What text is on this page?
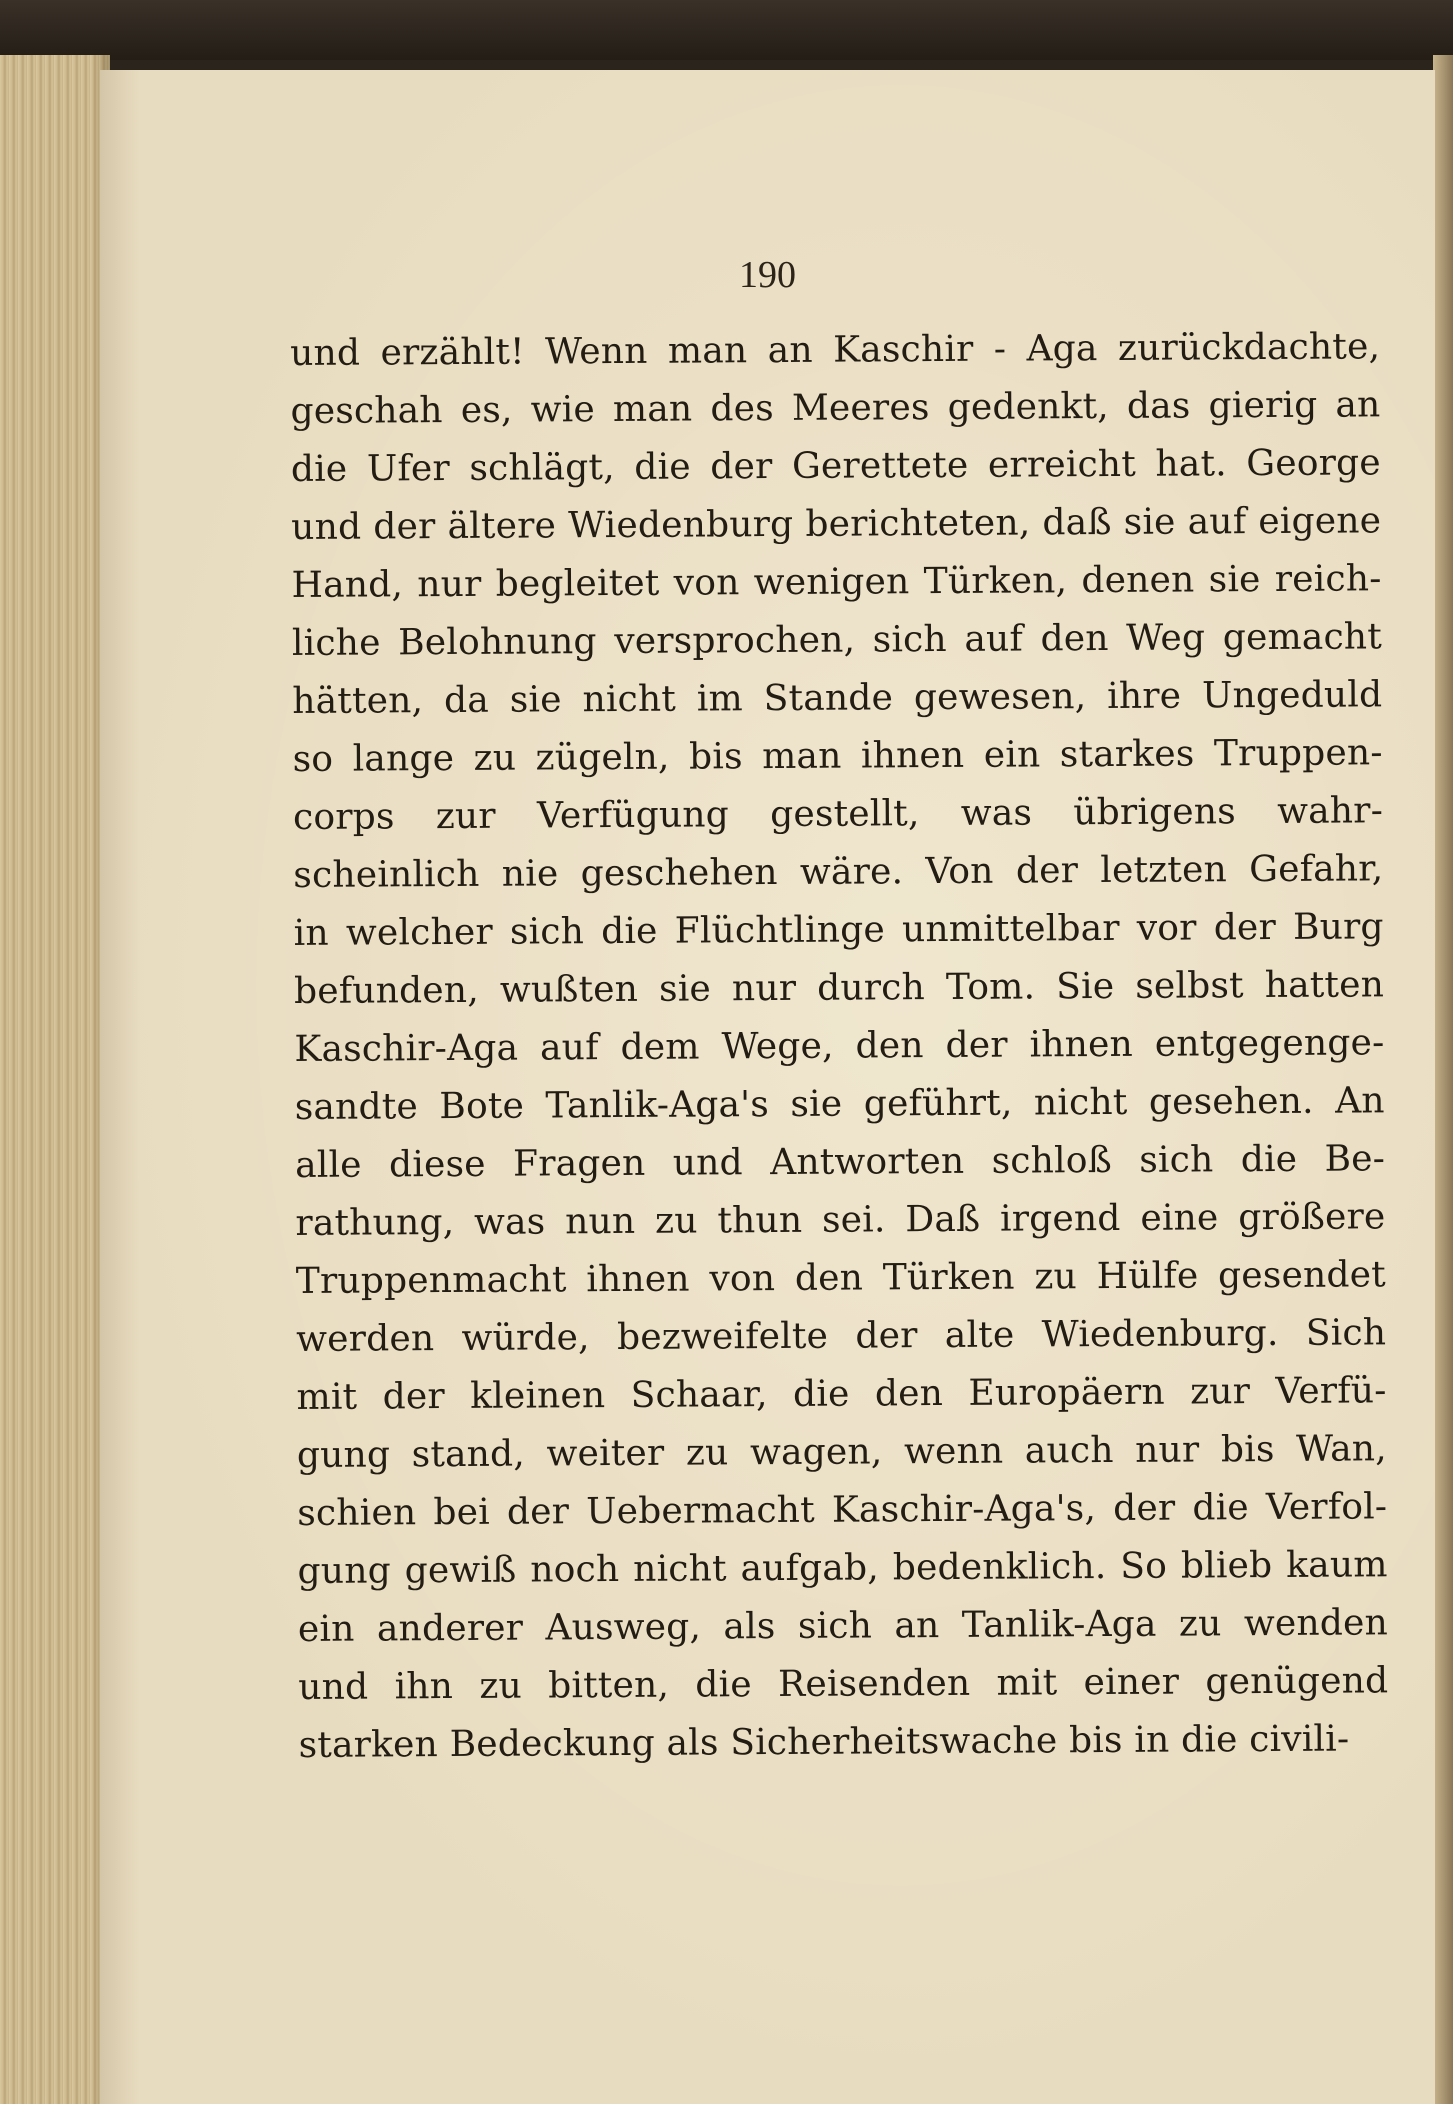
190
und erzählt! Wenn man an Kaschir - Aga zurückdachte,
geschah es, wie man des Meeres gedenkt, das gierig an
die Ufer schlägt, die der Gerettete erreicht hat. George
und der ältere Wiedenburg berichteten, daß sie auf eigene
Hand, nur begleitet von wenigen Türken, denen sie reich-
liche Belohnung versprochen, sich auf den Weg gemacht
hätten, da sie nicht im Stande gewesen, ihre Ungeduld
so lange zu zügeln, bis man ihnen ein starkes Truppen-
corps zur Verfügung gestellt, was übrigens wahr-
scheinlich nie geschehen wäre. Von der letzten Gefahr,
in welcher sich die Flüchtlinge unmittelbar vor der Burg
befunden, wußten sie nur durch Tom. Sie selbst hatten
Kaschir-Aga auf dem Wege, den der ihnen entgegenge-
sandte Bote Tanlik-Aga's sie geführt, nicht gesehen. An
alle diese Fragen und Antworten schloß sich die Be-
rathung, was nun zu thun sei. Daß irgend eine größere
Truppenmacht ihnen von den Türken zu Hülfe gesendet
werden würde, bezweifelte der alte Wiedenburg. Sich
mit der kleinen Schaar, die den Europäern zur Verfü-
gung stand, weiter zu wagen, wenn auch nur bis Wan,
schien bei der Uebermacht Kaschir-Aga's, der die Verfol-
gung gewiß noch nicht aufgab, bedenklich. So blieb kaum
ein anderer Ausweg, als sich an Tanlik-Aga zu wenden
und ihn zu bitten, die Reisenden mit einer genügend
starken Bedeckung als Sicherheitswache bis in die civili-
